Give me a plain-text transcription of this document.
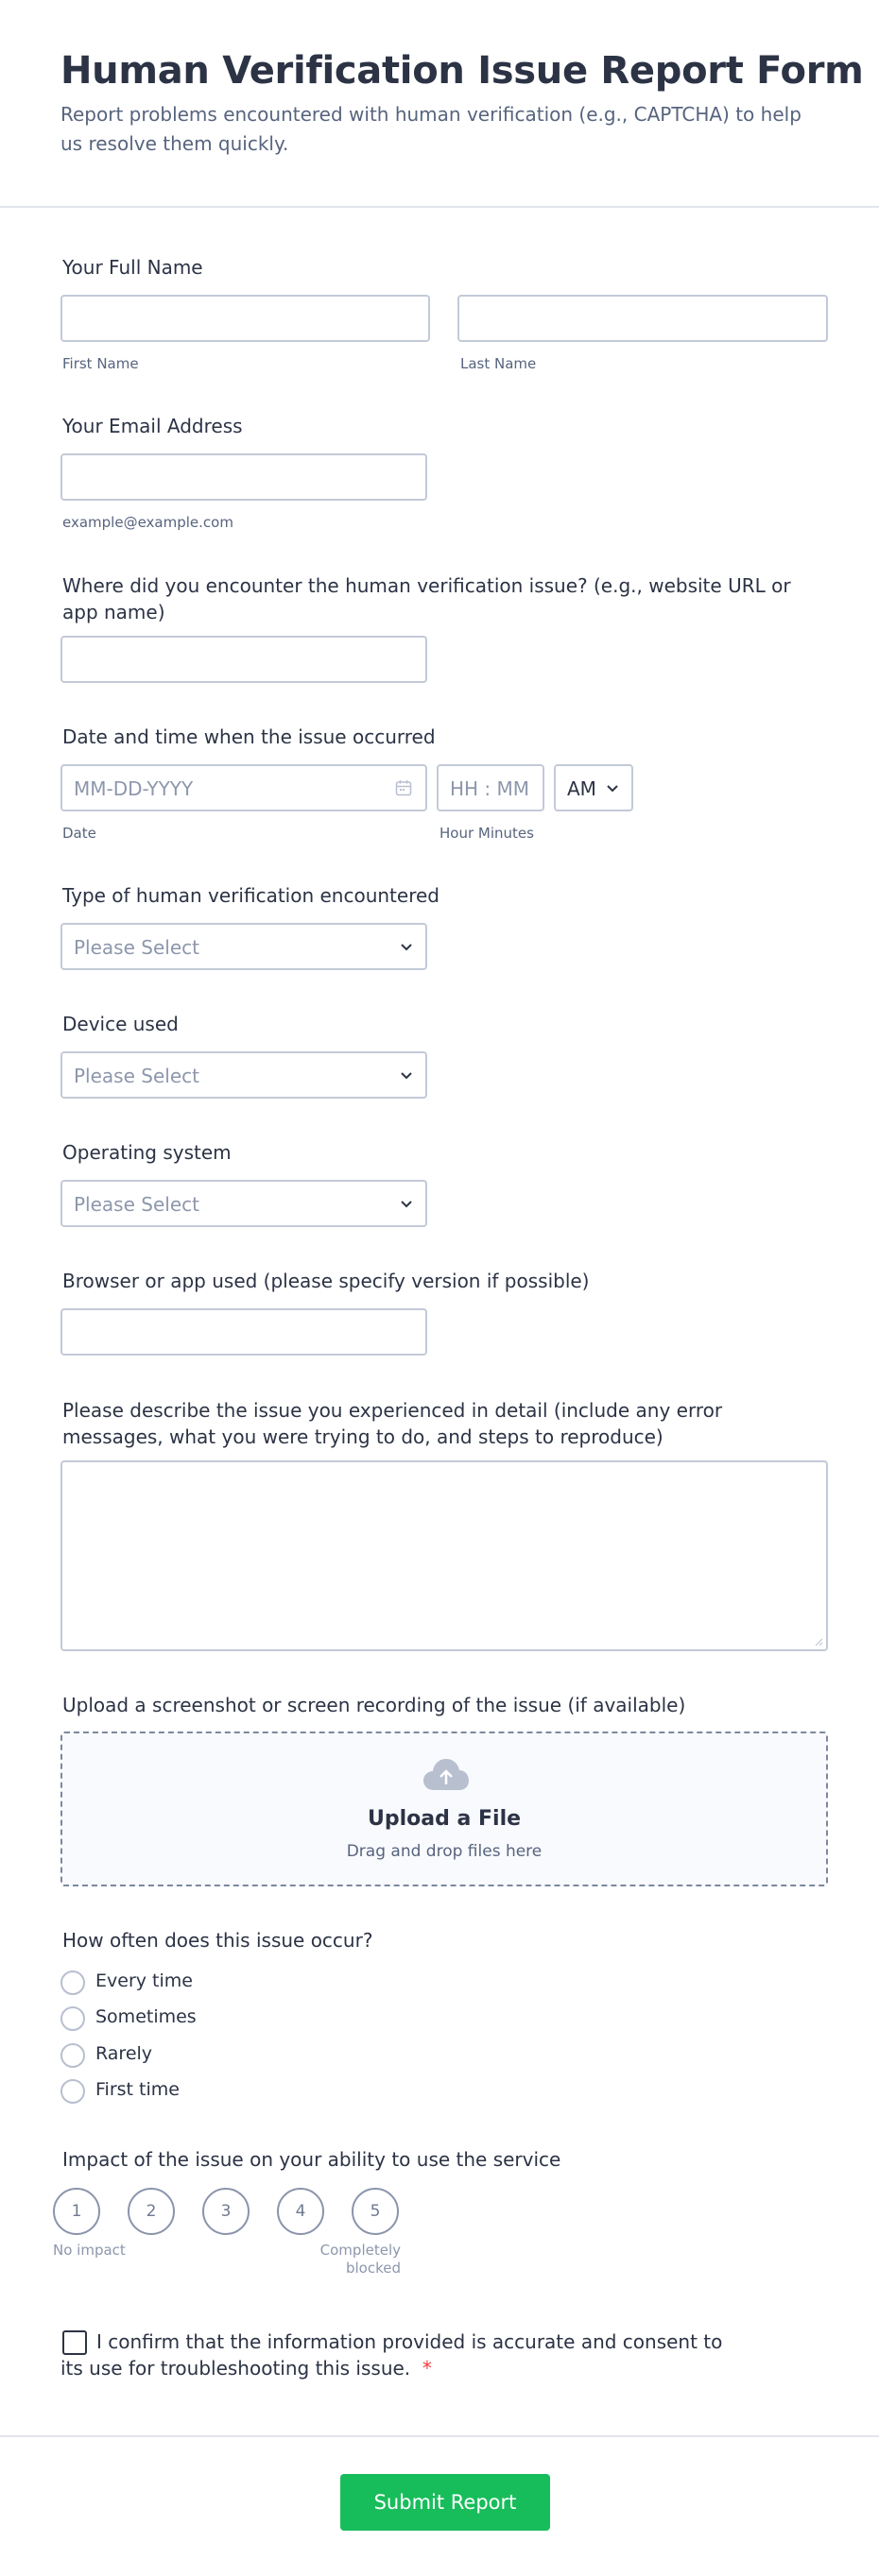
Human Verification Issue Report Form
Report problems encountered with human verification (e.g., CAPTCHA) to help us resolve them quickly.
Your Full Name
First Name	Last Name
Your Email Address
example@example.com
Where did you encounter the human verification issue? (e.g., website URL or app name)
Date and time when the issue occurred
MM-DD-YYYY	HH : MM AM
Date	Hour Minutes
Type of human verification encountered
Please Select
Device used
Please Select
Operating system
Please Select
Browser or app used (please specify version if possible)
Please describe the issue you experienced in detail (include any error messages, what you were trying to do, and steps to reproduce)
Upload a screenshot or screen recording of the issue (if available)
Upload a File
Drag and drop files here
How often does this issue occur?
Every time
Sometimes
Rarely
First time
Impact of the issue on your ability to use the service
1	2	3	4	5
No impact	Completely blocked
I confirm that the information provided is accurate and consent to its use for troubleshooting this issue. *
Submit Report
